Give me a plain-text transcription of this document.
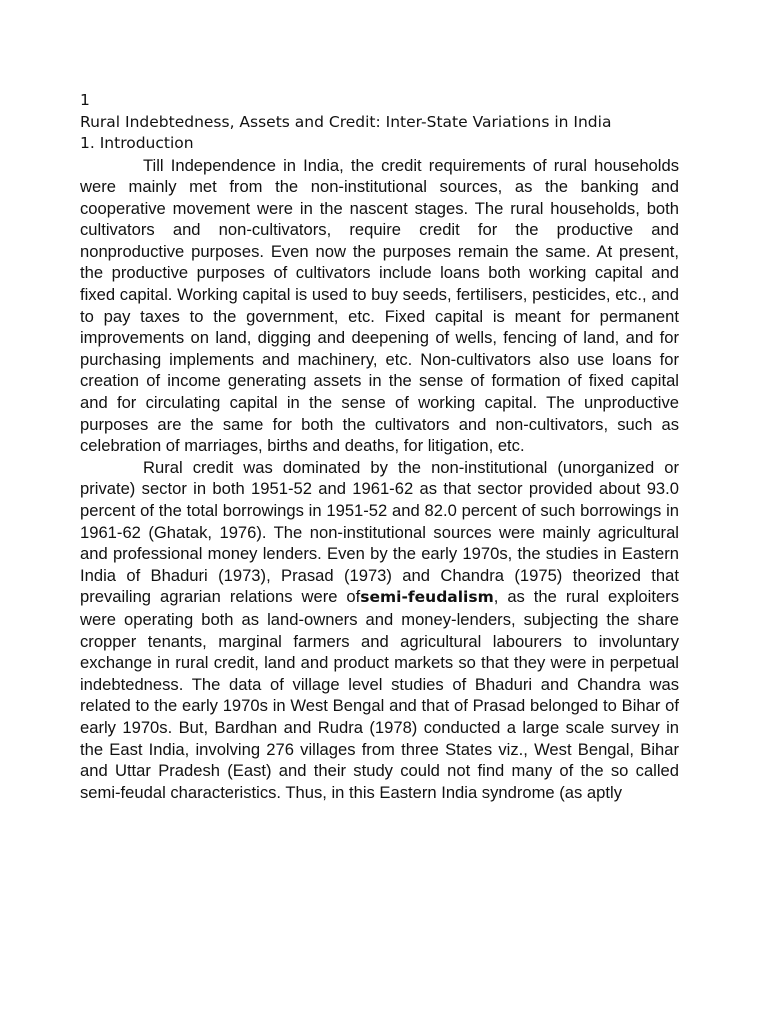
1

Rural Indebtedness, Assets and Credit: Inter-State Variations in India

1. Introduction

Till Independence in India, the credit requirements of rural households were mainly met from the non-institutional sources, as the banking and cooperative movement were in the nascent stages. The rural households, both cultivators and non-cultivators, require credit for the productive and nonproductive purposes. Even now the purposes remain the same. At present, the productive purposes of cultivators include loans both working capital and fixed capital. Working capital is used to buy seeds, fertilisers, pesticides, etc., and to pay taxes to the government, etc. Fixed capital is meant for permanent improvements on land, digging and deepening of wells, fencing of land, and for purchasing implements and machinery, etc. Non-cultivators also use loans for creation of income generating assets in the sense of formation of fixed capital and for circulating capital in the sense of working capital. The unproductive purposes are the same for both the cultivators and non-cultivators, such as celebration of marriages, births and deaths, for litigation, etc.

Rural credit was dominated by the non-institutional (unorganized or private) sector in both 1951-52 and 1961-62 as that sector provided about 93.0 percent of the total borrowings in 1951-52 and 82.0 percent of such borrowings in 1961-62 (Ghatak, 1976). The non-institutional sources were mainly agricultural and professional money lenders. Even by the early 1970s, the studies in Eastern India of Bhaduri (1973), Prasad (1973) and Chandra (1975) theorized that prevailing agrarian relations were ofsemi-feudalism, as the rural exploiters were operating both as land-owners and money-lenders, subjecting the share cropper tenants, marginal farmers and agricultural labourers to involuntary exchange in rural credit, land and product markets so that they were in perpetual indebtedness. The data of village level studies of Bhaduri and Chandra was related to the early 1970s in West Bengal and that of Prasad belonged to Bihar of early 1970s. But, Bardhan and Rudra (1978) conducted a large scale survey in the East India, involving 276 villages from three States viz., West Bengal, Bihar and Uttar Pradesh (East) and their study could not find many of the so called semi-feudal characteristics. Thus, in this Eastern India syndrome (as aptly
